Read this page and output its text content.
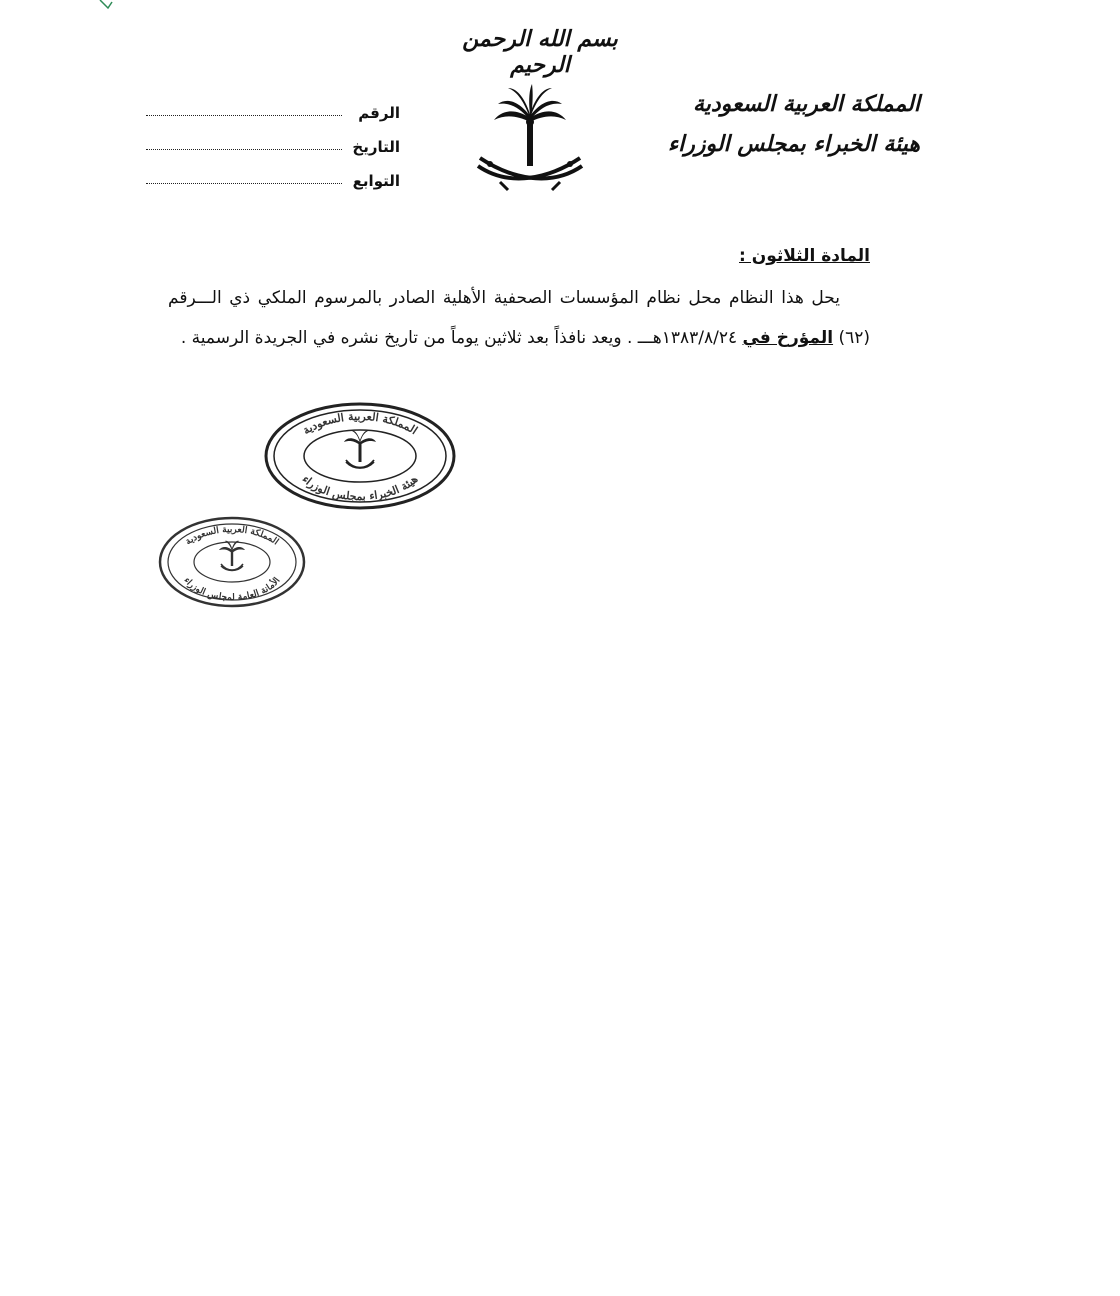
بسم الله الرحمن الرحيم
المملكة العربية السعودية
هيئة الخبراء بمجلس الوزراء
الرقم
التاريخ
التوابع
المادة الثلاثون :
يحل هذا النظام محل نظام المؤسسات الصحفية الأهلية الصادر بالمرسوم الملكي ذي الـــرقم (٦٢) المؤرخ في ١٣٨٣/٨/٢٤هـــ . ويعد نافذاً بعد ثلاثين يوماً من تاريخ نشره في الجريدة الرسمية .
المملكة العربية السعودية
هيئة الخبراء بمجلس الوزراء
المملكة العربية السعودية
الأمانة العامة لمجلس الوزراء
